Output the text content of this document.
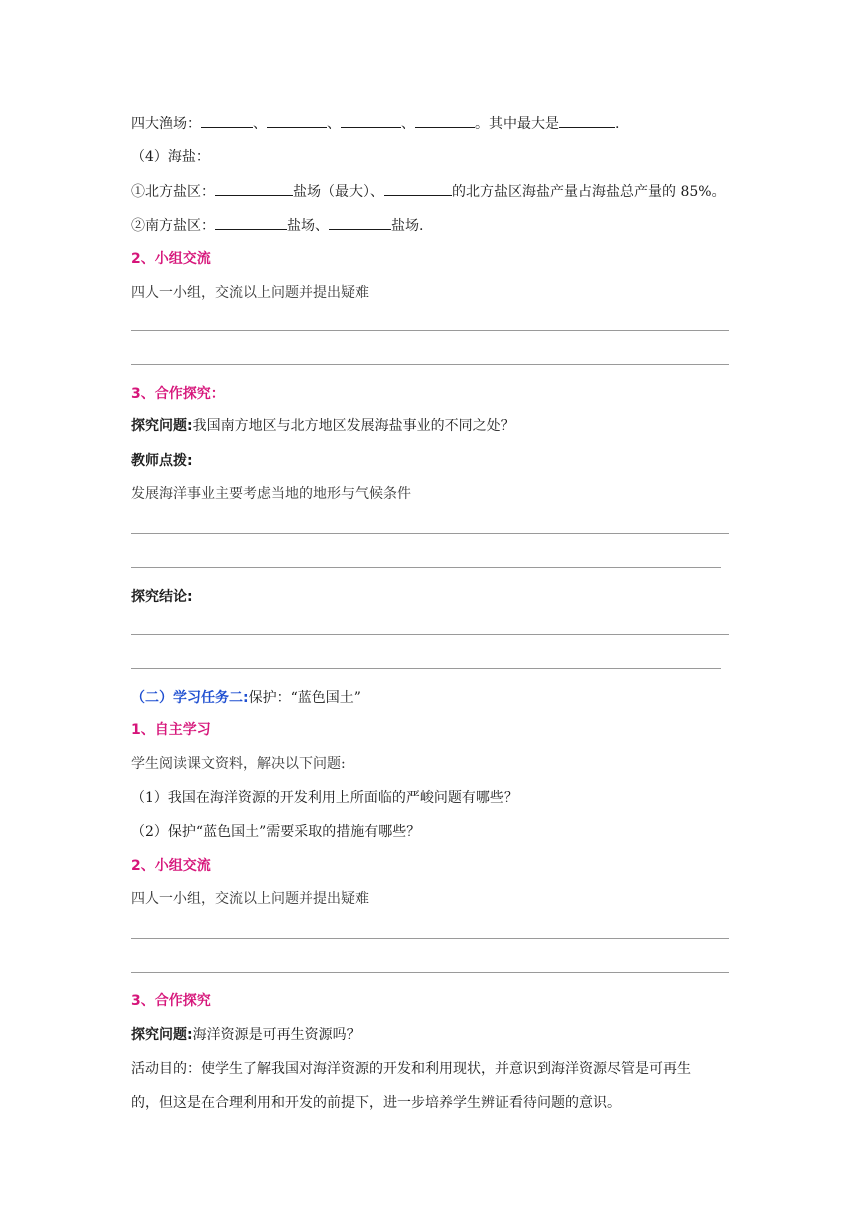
四大渔场：	、	、	、	。其中最大是	.
（4）海盐：
①北方盐区：	盐场（最大）、	的北方盐区海盐产量占海盐总产量的 85%。
②南方盐区：	盐场、	盐场.
2、小组交流
四人一小组，交流以上问题并提出疑难
3、合作探究：
探究问题:我国南方地区与北方地区发展海盐事业的不同之处？
教师点拨:
发展海洋事业主要考虑当地的地形与气候条件
探究结论:
（二）学习任务二:保护：“蓝色国土”
1、自主学习
学生阅读课文资料，解决以下问题:
（1）我国在海洋资源的开发利用上所面临的严峻问题有哪些？
（2）保护“蓝色国土”需要采取的措施有哪些？
2、小组交流
四人一小组，交流以上问题并提出疑难
3、合作探究
探究问题:海洋资源是可再生资源吗？
活动目的：使学生了解我国对海洋资源的开发和利用现状，并意识到海洋资源尽管是可再生
的，但这是在合理利用和开发的前提下，进一步培养学生辨证看待问题的意识。
